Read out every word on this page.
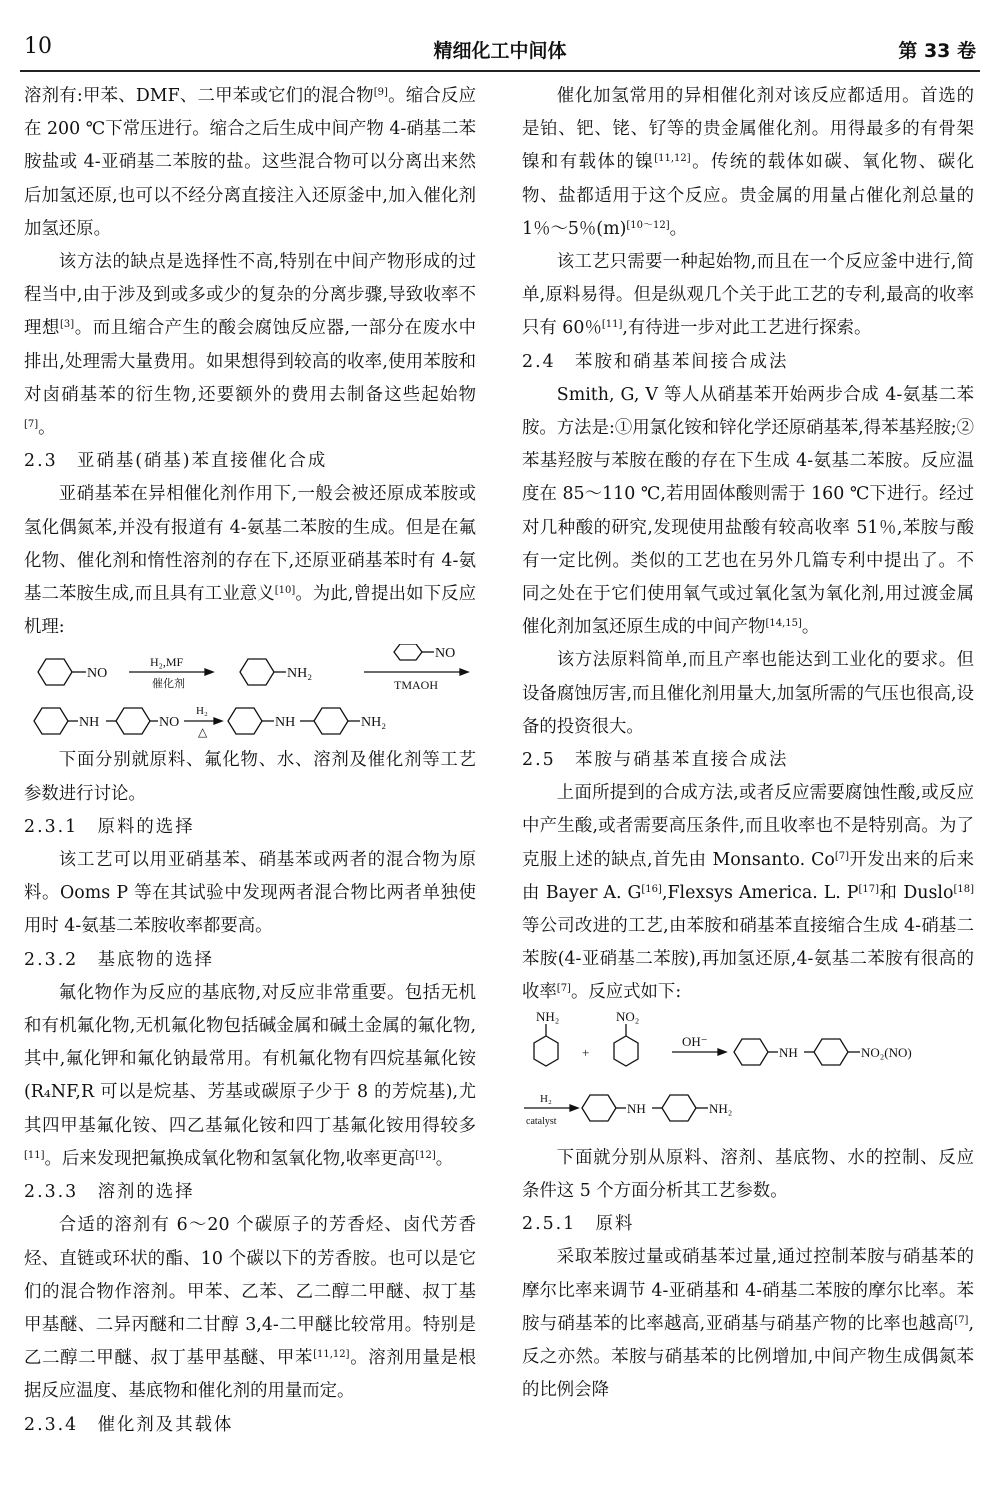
10	精细化工中间体	第 33 卷

溶剂有:甲苯、DMF、二甲苯或它们的混合物[9]。缩合反应在 200 ℃下常压进行。缩合之后生成中间产物 4-硝基二苯胺盐或 4-亚硝基二苯胺的盐。这些混合物可以分离出来然后加氢还原,也可以不经分离直接注入还原釜中,加入催化剂加氢还原。

该方法的缺点是选择性不高,特别在中间产物形成的过程当中,由于涉及到或多或少的复杂的分离步骤,导致收率不理想[3]。而且缩合产生的酸会腐蚀反应器,一部分在废水中排出,处理需大量费用。如果想得到较高的收率,使用苯胺和对卤硝基苯的衍生物,还要额外的费用去制备这些起始物[7]。

2.3　亚硝基(硝基)苯直接催化合成

亚硝基苯在异相催化剂作用下,一般会被还原成苯胺或氢化偶氮苯,并没有报道有 4-氨基二苯胺的生成。但是在氟化物、催化剂和惰性溶剂的存在下,还原亚硝基苯时有 4-氨基二苯胺生成,而且具有工业意义[10]。为此,曾提出如下反应机理:

NO
H₂,MF
催化剂
NH₂
NO
TMAOH
NH	NO
H₂
△
NH	NH₂

下面分别就原料、氟化物、水、溶剂及催化剂等工艺参数进行讨论。

2.3.1　原料的选择

该工艺可以用亚硝基苯、硝基苯或两者的混合物为原料。Ooms P 等在其试验中发现两者混合物比两者单独使用时 4-氨基二苯胺收率都要高。

2.3.2　基底物的选择

氟化物作为反应的基底物,对反应非常重要。包括无机和有机氟化物,无机氟化物包括碱金属和碱土金属的氟化物,其中,氟化钾和氟化钠最常用。有机氟化物有四烷基氟化铵(R₄NF,R 可以是烷基、芳基或碳原子少于 8 的芳烷基),尤其四甲基氟化铵、四乙基氟化铵和四丁基氟化铵用得较多[11]。后来发现把氟换成氧化物和氢氧化物,收率更高[12]。

2.3.3　溶剂的选择

合适的溶剂有 6～20 个碳原子的芳香烃、卤代芳香烃、直链或环状的酯、10 个碳以下的芳香胺。也可以是它们的混合物作溶剂。甲苯、乙苯、乙二醇二甲醚、叔丁基甲基醚、二异丙醚和二甘醇 3,4-二甲醚比较常用。特别是乙二醇二甲醚、叔丁基甲基醚、甲苯[11,12]。溶剂用量是根据反应温度、基底物和催化剂的用量而定。

2.3.4　催化剂及其载体

催化加氢常用的异相催化剂对该反应都适用。首选的是铂、钯、铑、钌等的贵金属催化剂。用得最多的有骨架镍和有载体的镍[11,12]。传统的载体如碳、氧化物、碳化物、盐都适用于这个反应。贵金属的用量占催化剂总量的 1％～5％(m)[10～12]。

该工艺只需要一种起始物,而且在一个反应釜中进行,简单,原料易得。但是纵观几个关于此工艺的专利,最高的收率只有 60％[11],有待进一步对此工艺进行探索。

2.4　苯胺和硝基苯间接合成法

Smith, G, V 等人从硝基苯开始两步合成 4-氨基二苯胺。方法是:①用氯化铵和锌化学还原硝基苯,得苯基羟胺;②苯基羟胺与苯胺在酸的存在下生成 4-氨基二苯胺。反应温度在 85～110 ℃,若用固体酸则需于 160 ℃下进行。经过对几种酸的研究,发现使用盐酸有较高收率 51％,苯胺与酸有一定比例。类似的工艺也在另外几篇专利中提出了。不同之处在于它们使用氧气或过氧化氢为氧化剂,用过渡金属催化剂加氢还原生成的中间产物[14,15]。

该方法原料简单,而且产率也能达到工业化的要求。但设备腐蚀厉害,而且催化剂用量大,加氢所需的气压也很高,设备的投资很大。

2.5　苯胺与硝基苯直接合成法

上面所提到的合成方法,或者反应需要腐蚀性酸,或反应中产生酸,或者需要高压条件,而且收率也不是特别高。为了克服上述的缺点,首先由 Monsanto. Co[7]开发出来的后来由 Bayer A. G[16],Flexsys America. L. P[17]和 Duslo[18]等公司改进的工艺,由苯胺和硝基苯直接缩合生成 4-硝基二苯胺(4-亚硝基二苯胺),再加氢还原,4-氨基二苯胺有很高的收率[7]。反应式如下:

NH₂	NO₂
+
OH⁻
NH	NO₂(NO)
H₂
catalyst
NH	NH₂

下面就分别从原料、溶剂、基底物、水的控制、反应条件这 5 个方面分析其工艺参数。

2.5.1　原料

采取苯胺过量或硝基苯过量,通过控制苯胺与硝基苯的摩尔比率来调节 4-亚硝基和 4-硝基二苯胺的摩尔比率。苯胺与硝基苯的比率越高,亚硝基与硝基产物的比率也越高[7],反之亦然。苯胺与硝基苯的比例增加,中间产物生成偶氮苯的比例会降
